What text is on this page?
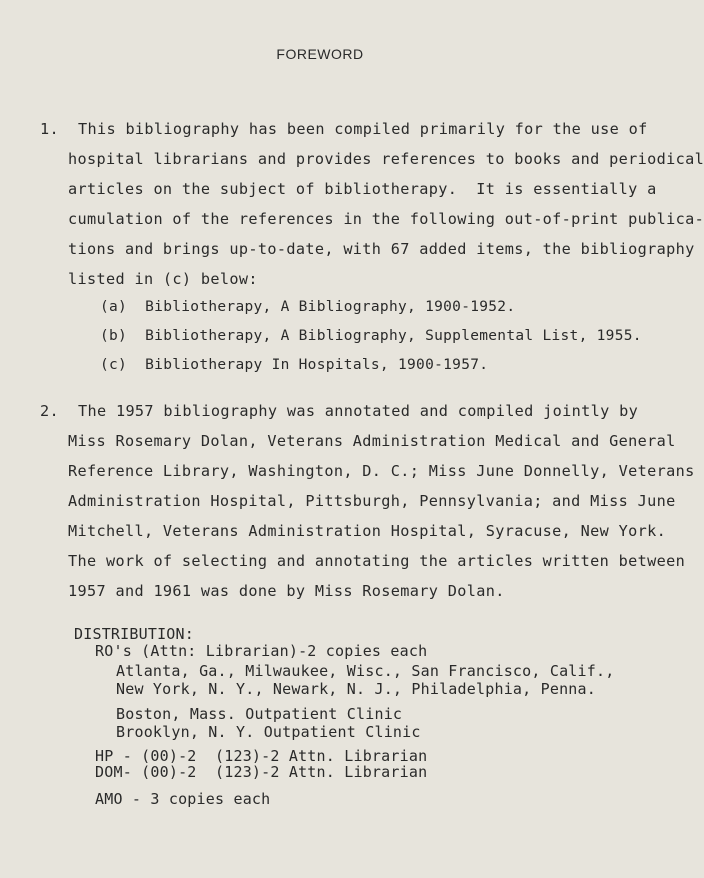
FOREWORD
1.  This bibliography has been compiled primarily for the use of
hospital librarians and provides references to books and periodical
articles on the subject of bibliotherapy.  It is essentially a
cumulation of the references in the following out-of-print publica-
tions and brings up-to-date, with 67 added items, the bibliography
listed in (c) below:
(a)  Bibliotherapy, A Bibliography, 1900-1952.
(b)  Bibliotherapy, A Bibliography, Supplemental List, 1955.
(c)  Bibliotherapy In Hospitals, 1900-1957.
2.  The 1957 bibliography was annotated and compiled jointly by
Miss Rosemary Dolan, Veterans Administration Medical and General
Reference Library, Washington, D. C.; Miss June Donnelly, Veterans
Administration Hospital, Pittsburgh, Pennsylvania; and Miss June
Mitchell, Veterans Administration Hospital, Syracuse, New York.
The work of selecting and annotating the articles written between
1957 and 1961 was done by Miss Rosemary Dolan.
DISTRIBUTION:
RO's (Attn: Librarian)-2 copies each
Atlanta, Ga., Milwaukee, Wisc., San Francisco, Calif.,
New York, N. Y., Newark, N. J., Philadelphia, Penna.
Boston, Mass. Outpatient Clinic
Brooklyn, N. Y. Outpatient Clinic
HP - (00)-2  (123)-2 Attn. Librarian
DOM- (00)-2  (123)-2 Attn. Librarian
AMO - 3 copies each
